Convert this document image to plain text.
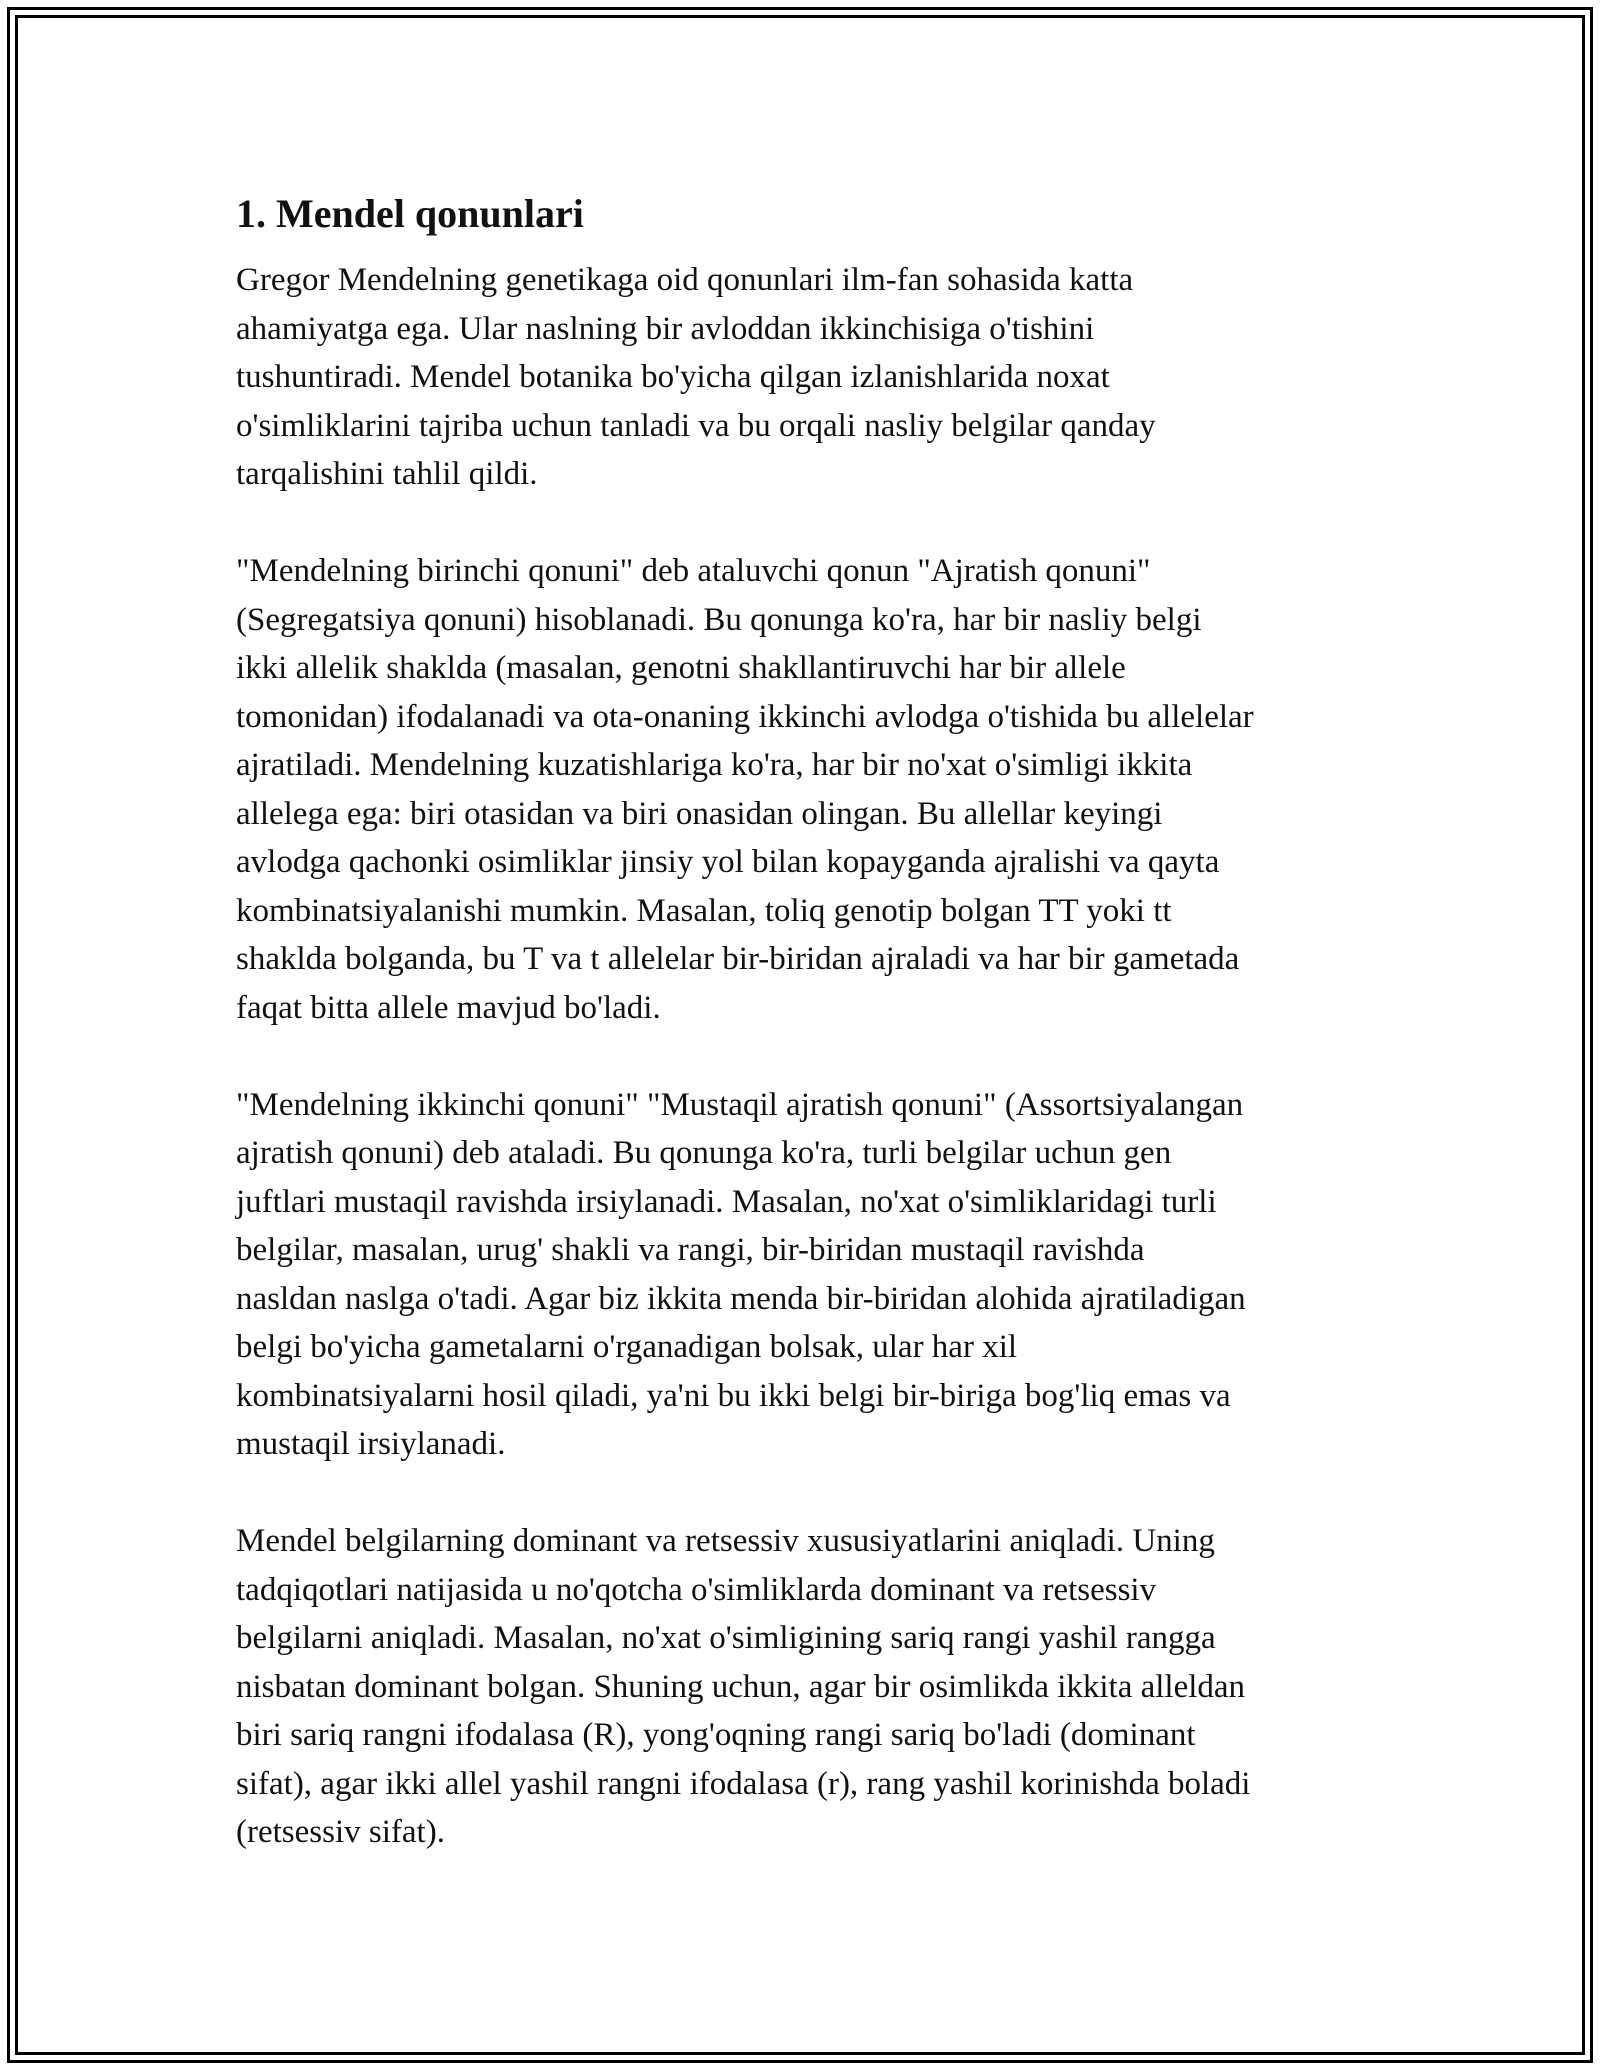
1. Mendel qonunlari

Gregor Mendelning genetikaga oid qonunlari ilm-fan sohasida katta
ahamiyatga ega. Ular naslning bir avloddan ikkinchisiga o'tishini
tushuntiradi. Mendel botanika bo'yicha qilgan izlanishlarida noxat
o'simliklarini tajriba uchun tanladi va bu orqali nasliy belgilar qanday
tarqalishini tahlil qildi.

"Mendelning birinchi qonuni" deb ataluvchi qonun "Ajratish qonuni"
(Segregatsiya qonuni) hisoblanadi. Bu qonunga ko'ra, har bir nasliy belgi
ikki allelik shaklda (masalan, genotni shakllantiruvchi har bir allele
tomonidan) ifodalanadi va ota-onaning ikkinchi avlodga o'tishida bu allelelar
ajratiladi. Mendelning kuzatishlariga ko'ra, har bir no'xat o'simligi ikkita
allelega ega: biri otasidan va biri onasidan olingan. Bu allellar keyingi
avlodga qachonki osimliklar jinsiy yol bilan kopayganda ajralishi va qayta
kombinatsiyalanishi mumkin. Masalan, toliq genotip bolgan TT yoki tt
shakldа bolganda, bu T va t allelelar bir-biridan ajraladi va har bir gametada
faqat bitta allele mavjud bo'ladi.

"Mendelning ikkinchi qonuni" "Mustaqil ajratish qonuni" (Assortsiyalangan
ajratish qonuni) deb ataladi. Bu qonunga ko'ra, turli belgilar uchun gen
juftlari mustaqil ravishda irsiylanadi. Masalan, no'xat o'simliklaridagi turli
belgilar, masalan, urug' shakli va rangi, bir-biridan mustaqil ravishda
nasldan naslga o'tadi. Agar biz ikkita menda bir-biridan alohida ajratiladigan
belgi bo'yicha gametalarni o'rganadigan bolsak, ular har xil
kombinatsiyalarni hosil qiladi, ya'ni bu ikki belgi bir-biriga bog'liq emas va
mustaqil irsiylanadi.

Mendel belgilarning dominant va retsessiv xususiyatlarini aniqladi. Uning
tadqiqotlari natijasida u no'qotcha o'simliklarda dominant va retsessiv
belgilarni aniqladi. Masalan, no'xat o'simligining sariq rangi yashil rangga
nisbatan dominant bolgan. Shuning uchun, agar bir osimlikda ikkita alleldan
biri sariq rangni ifodalasa (R), yong'oqning rangi sariq bo'ladi (dominant
sifat), agar ikki allel yashil rangni ifodalasa (r), rang yashil korinishda boladi
(retsessiv sifat).
